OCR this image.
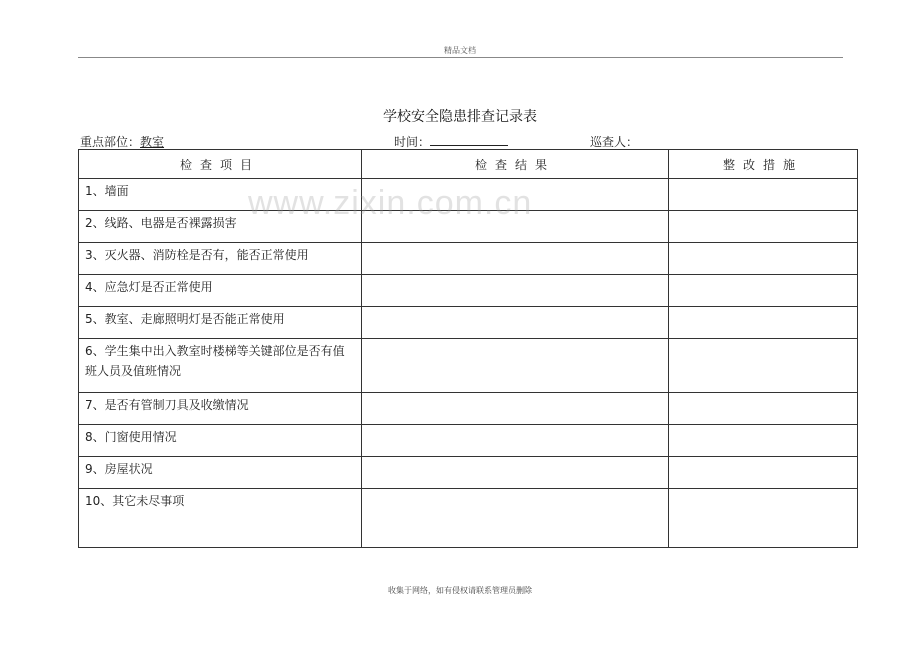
精品文档
学校安全隐患排查记录表
重点部位：教室	时间：	巡查人：
检查项目	检查结果	整改措施
1、墙面		
2、线路、电器是否裸露损害		
3、灭火器、消防栓是否有，能否正常使用		
4、应急灯是否正常使用		
5、教室、走廊照明灯是否能正常使用		
6、学生集中出入教室时楼梯等关键部位是否有值班人员及值班情况		
7、是否有管制刀具及收缴情况		
8、门窗使用情况		
9、房屋状况		
10、其它未尽事项		
www.zixin.com.cn
收集于网络，如有侵权请联系管理员删除
